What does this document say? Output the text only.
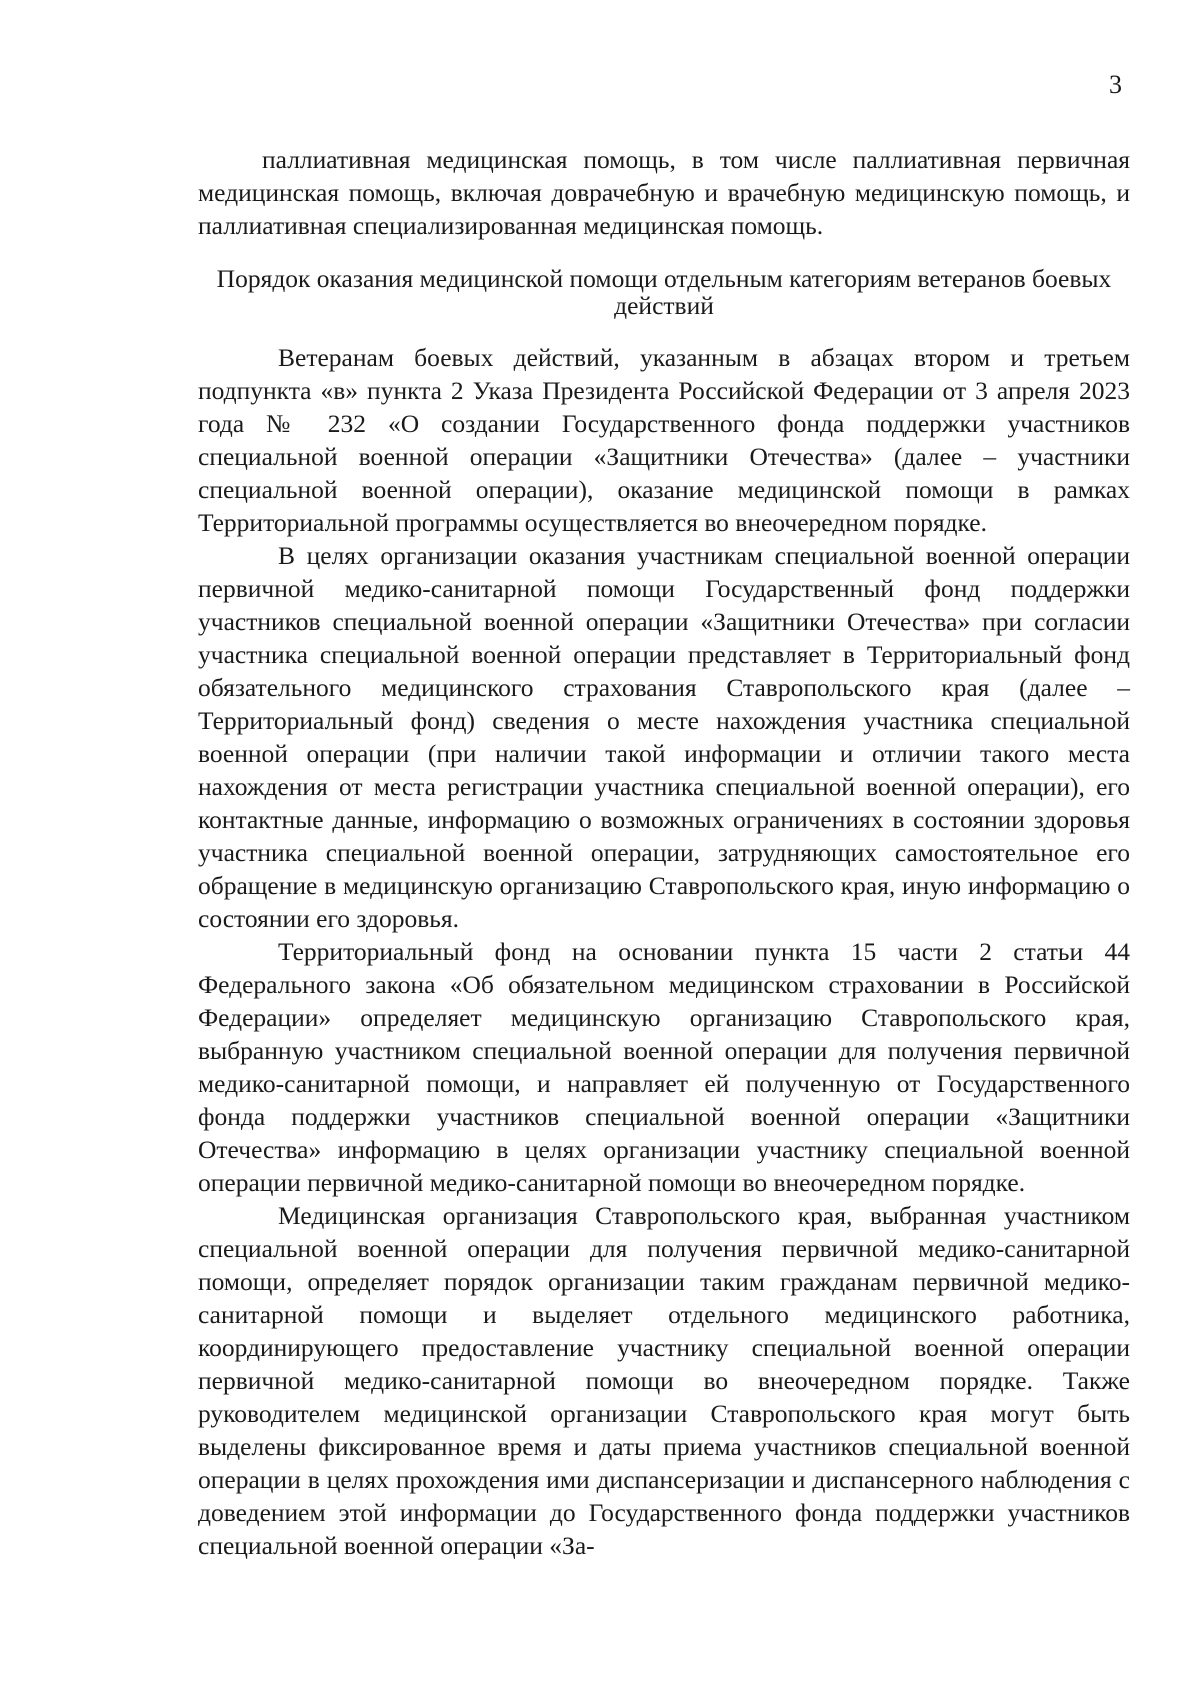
3

паллиативная медицинская помощь, в том числе паллиативная первичная медицинская помощь, включая доврачебную и врачебную медицинскую помощь, и паллиативная специализированная медицинская помощь.

Порядок оказания медицинской помощи отдельным категориям ветеранов боевых действий

Ветеранам боевых действий, указанным в абзацах втором и третьем подпункта «в» пункта 2 Указа Президента Российской Федерации от 3 апреля 2023 года № 232 «О создании Государственного фонда поддержки участников специальной военной операции «Защитники Отечества» (далее – участники специальной военной операции), оказание медицинской помощи в рамках Территориальной программы осуществляется во внеочередном порядке.

В целях организации оказания участникам специальной военной операции первичной медико-санитарной помощи Государственный фонд поддержки участников специальной военной операции «Защитники Отечества» при согласии участника специальной военной операции представляет в Территориальный фонд обязательного медицинского страхования Ставропольского края (далее – Территориальный фонд) сведения о месте нахождения участника специальной военной операции (при наличии такой информации и отличии такого места нахождения от места регистрации участника специальной военной операции), его контактные данные, информацию о возможных ограничениях в состоянии здоровья участника специальной военной операции, затрудняющих самостоятельное его обращение в медицинскую организацию Ставропольского края, иную информацию о состоянии его здоровья.

Территориальный фонд на основании пункта 15 части 2 статьи 44 Федерального закона «Об обязательном медицинском страховании в Российской Федерации» определяет медицинскую организацию Ставропольского края, выбранную участником специальной военной операции для получения первичной медико-санитарной помощи, и направляет ей полученную от Государственного фонда поддержки участников специальной военной операции «Защитники Отечества» информацию в целях организации участнику специальной военной операции первичной медико-санитарной помощи во внеочередном порядке.

Медицинская организация Ставропольского края, выбранная участником специальной военной операции для получения первичной медико-санитарной помощи, определяет порядок организации таким гражданам первичной медико-санитарной помощи и выделяет отдельного медицинского работника, координирующего предоставление участнику специальной военной операции первичной медико-санитарной помощи во внеочередном порядке. Также руководителем медицинской организации Ставропольского края могут быть выделены фиксированное время и даты приема участников специальной военной операции в целях прохождения ими диспансеризации и диспансерного наблюдения с доведением этой информации до Государственного фонда поддержки участников специальной военной операции «За-
